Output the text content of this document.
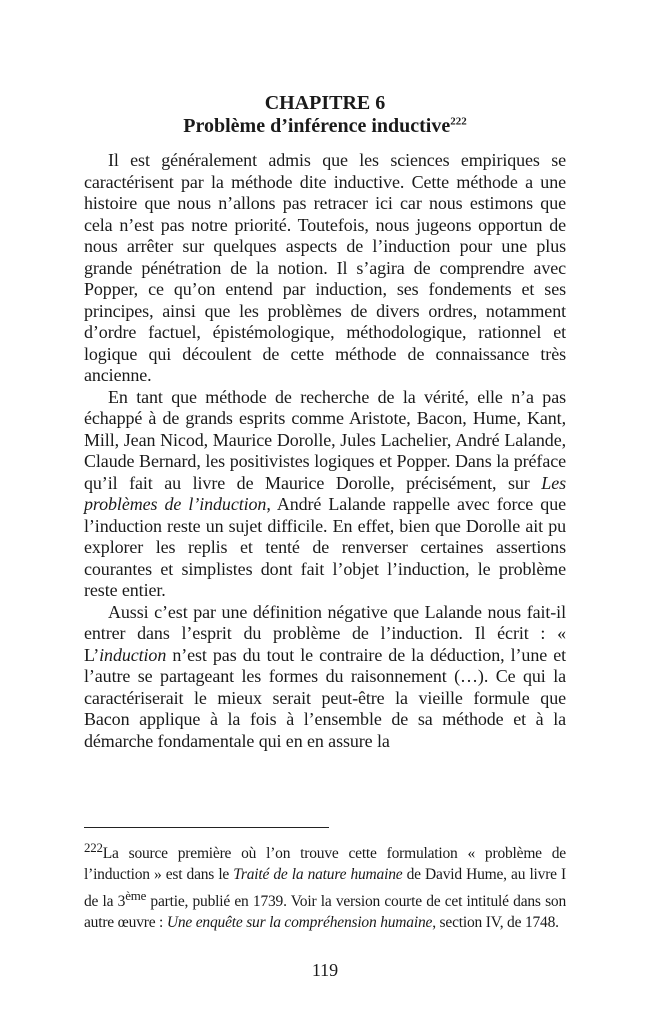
CHAPITRE 6

Problème d’inférence inductive$^{222}$

Il est généralement admis que les sciences empiriques se caractérisent par la méthode dite inductive. Cette méthode a une histoire que nous n’allons pas retracer ici car nous estimons que cela n’est pas notre priorité. Toutefois, nous jugeons opportun de nous arrêter sur quelques aspects de l’induction pour une plus grande pénétration de la notion. Il s’agira de comprendre avec Popper, ce qu’on entend par induction, ses fondements et ses principes, ainsi que les problèmes de divers ordres, notamment d’ordre factuel, épistémologique, méthodologique, rationnel et logique qui découlent de cette méthode de connaissance très ancienne.

En tant que méthode de recherche de la vérité, elle n’a pas échappé à de grands esprits comme Aristote, Bacon, Hume, Kant, Mill, Jean Nicod, Maurice Dorolle, Jules Lachelier, André Lalande, Claude Bernard, les positivistes logiques et Popper. Dans la préface qu’il fait au livre de Maurice Dorolle, précisément, sur Les problèmes de l’induction, André Lalande rappelle avec force que l’induction reste un sujet difficile. En effet, bien que Dorolle ait pu explorer les replis et tenté de renverser certaines assertions courantes et simplistes dont fait l’objet l’induction, le problème reste entier.

Aussi c’est par une définition négative que Lalande nous fait-il entrer dans l’esprit du problème de l’induction. Il écrit : « L’induction n’est pas du tout le contraire de la déduction, l’une et l’autre se partageant les formes du raisonnement (…). Ce qui la caractériserait le mieux serait peut-être la vieille formule que Bacon applique à la fois à l’ensemble de sa méthode et à la démarche fondamentale qui en en assure la

$^{222}$La source première où l’on trouve cette formulation « problème de l’induction » est dans le Traité de la nature humaine de David Hume, au livre I de la 3ème partie, publié en 1739. Voir la version courte de cet intitulé dans son autre œuvre : Une enquête sur la compréhension humaine, section IV, de 1748.

119
